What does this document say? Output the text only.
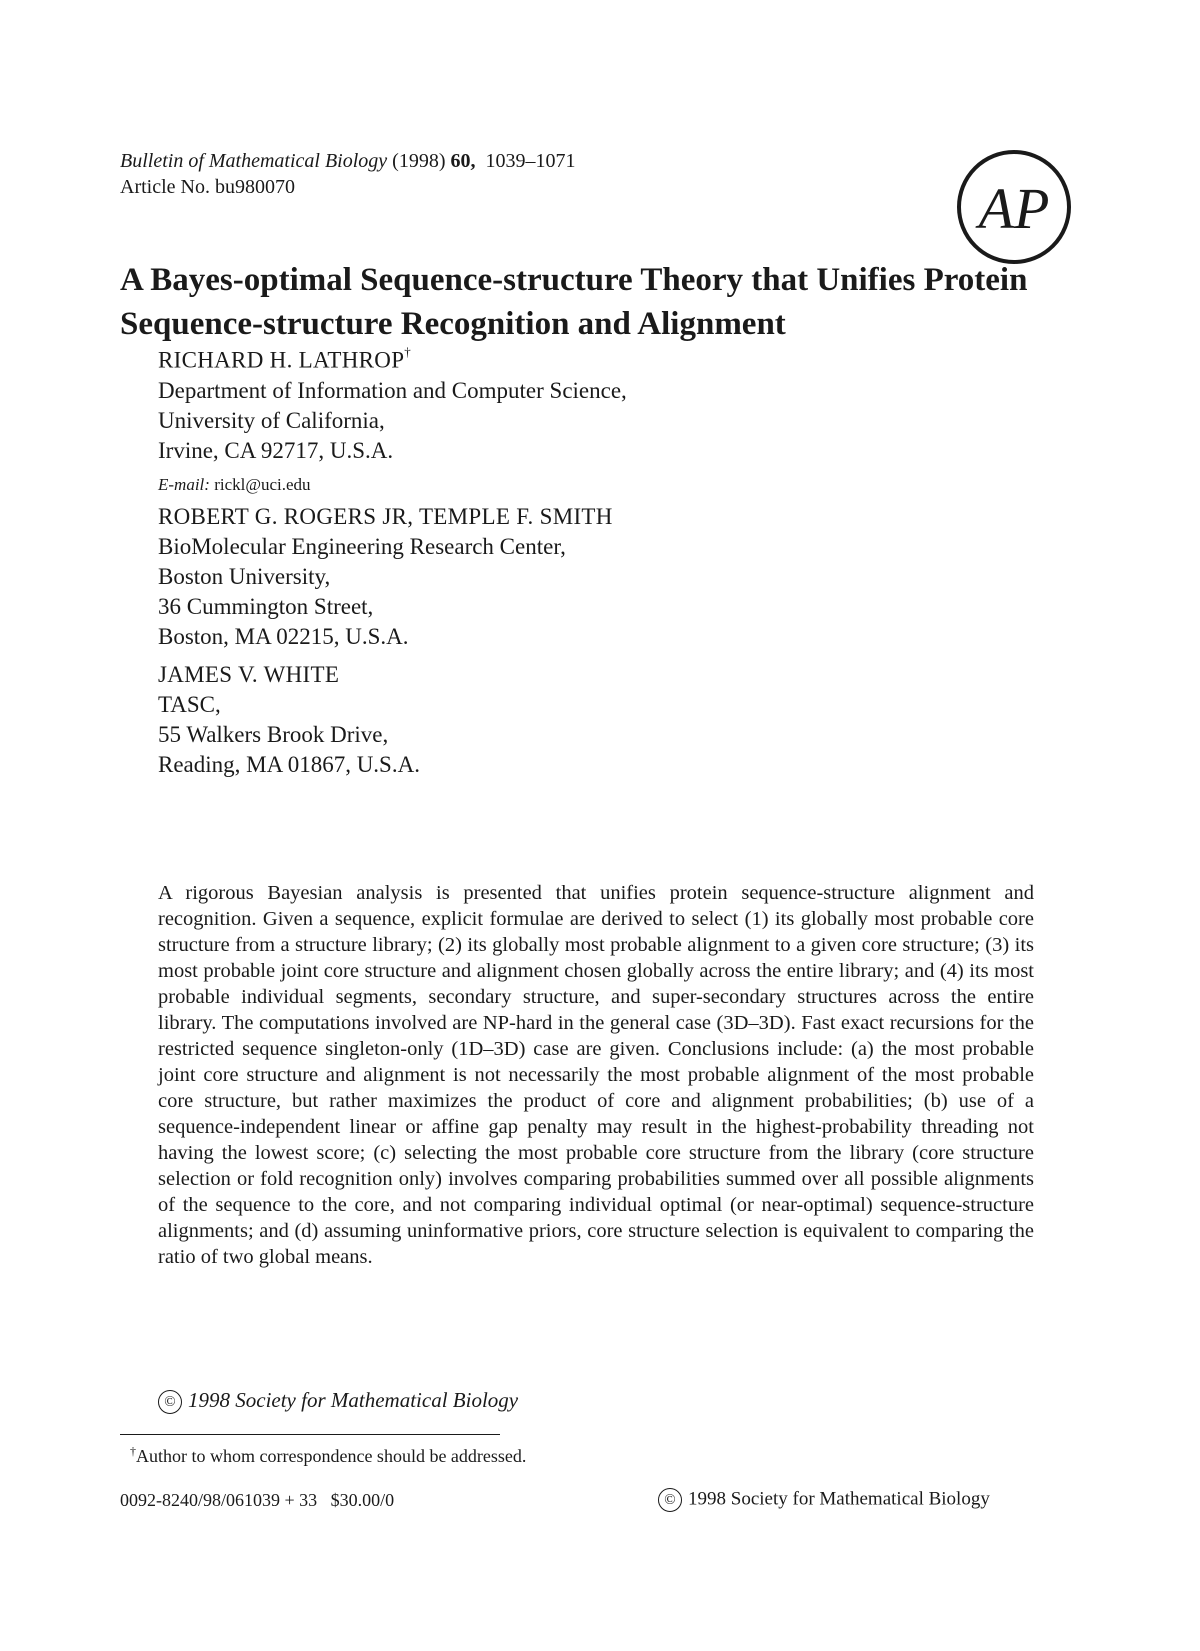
Bulletin of Mathematical Biology (1998) 60, 1039–1071
Article No. bu980070	AP
A Bayes-optimal Sequence-structure Theory that Unifies Protein Sequence-structure Recognition and Alignment
RICHARD H. LATHROP†
Department of Information and Computer Science,
University of California,
Irvine, CA 92717, U.S.A.
E-mail: rickl@uci.edu
ROBERT G. ROGERS JR, TEMPLE F. SMITH
BioMolecular Engineering Research Center,
Boston University,
36 Cummington Street,
Boston, MA 02215, U.S.A.
JAMES V. WHITE
TASC,
55 Walkers Brook Drive,
Reading, MA 01867, U.S.A.

A rigorous Bayesian analysis is presented that unifies protein sequence-structure alignment and recognition. Given a sequence, explicit formulae are derived to select (1) its globally most probable core structure from a structure library; (2) its globally most probable alignment to a given core structure; (3) its most probable joint core structure and alignment chosen globally across the entire library; and (4) its most probable individual segments, secondary structure, and super-secondary structures across the entire library. The computations involved are NP-hard in the general case (3D–3D). Fast exact recursions for the restricted sequence singleton-only (1D–3D) case are given. Conclusions include: (a) the most probable joint core structure and alignment is not necessarily the most probable alignment of the most probable core structure, but rather maximizes the product of core and alignment probabilities; (b) use of a sequence-independent linear or affine gap penalty may result in the highest-probability threading not having the lowest score; (c) selecting the most probable core structure from the library (core structure selection or fold recognition only) involves comparing probabilities summed over all possible alignments of the sequence to the core, and not comparing individual optimal (or near-optimal) sequence-structure alignments; and (d) assuming uninformative priors, core structure selection is equivalent to comparing the ratio of two global means.

© 1998 Society for Mathematical Biology
†Author to whom correspondence should be addressed.
0092-8240/98/061039 + 33   $30.00/0	© 1998 Society for Mathematical Biology
